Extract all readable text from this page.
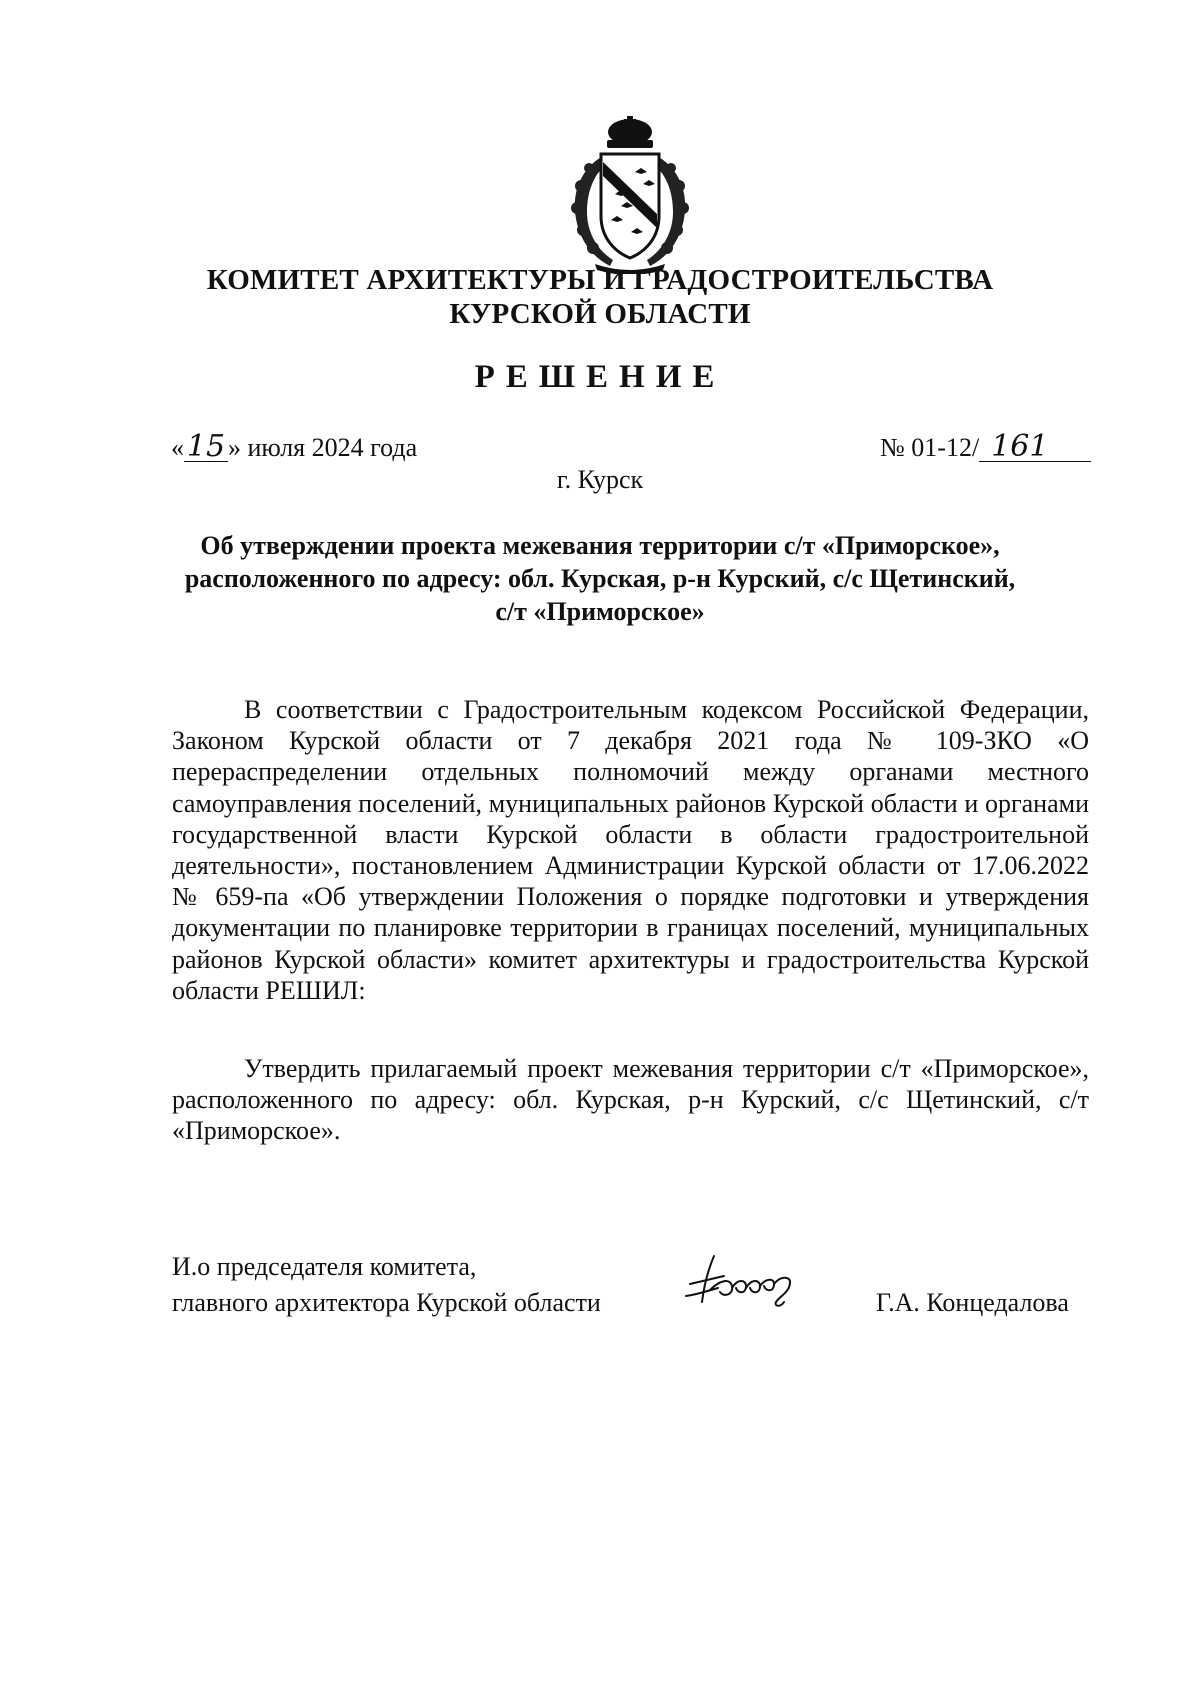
КОМИТЕТ АРХИТЕКТУРЫ И ГРАДОСТРОИТЕЛЬСТВА
КУРСКОЙ ОБЛАСТИ
РЕШЕНИЕ
«15 » июля 2024 года	№ 01-12/ 161
г. Курск
Об утверждении проекта межевания территории с/т «Приморское»,
расположенного по адресу: обл. Курская, р-н Курский, с/с Щетинский,
с/т «Приморское»
В соответствии с Градостроительным кодексом Российской Федерации, Законом Курской области от 7 декабря 2021 года № 109-ЗКО «О перераспределении отдельных полномочий между органами местного самоуправления поселений, муниципальных районов Курской области и органами государственной власти Курской области в области градостроительной деятельности», постановлением Администрации Курской области от 17.06.2022 № 659-па «Об утверждении Положения о порядке подготовки и утверждения документации по планировке территории в границах поселений, муниципальных районов Курской области» комитет архитектуры и градостроительства Курской области РЕШИЛ:
Утвердить прилагаемый проект межевания территории с/т «Приморское», расположенного по адресу: обл. Курская, р-н Курский, с/с Щетинский, с/т «Приморское».
И.о председателя комитета,
главного архитектора Курской области	Г.А. Концедалова
